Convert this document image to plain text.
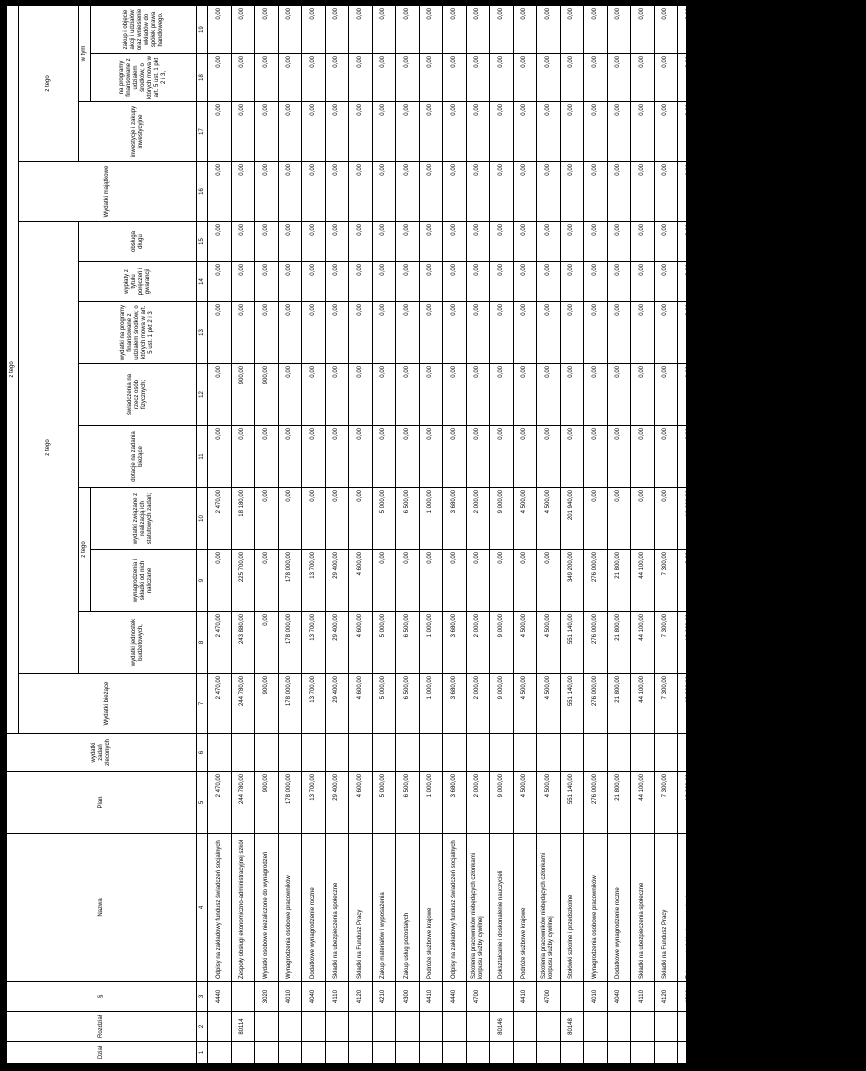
Dział	Rozdział	§	Nazwa	Plan	wydatki zadań zleconych	z tego												
						Wydatki bieżące	z tego								Wydatki majątkowe	z tego		
							wydatki jednostek budżetowych,	z tego		dotacje na zadania bieżące	świadczenia na rzecz osób fizycznych;	wydatki na programy finansowane z udziałem środków, o których mowa w art. 5 ust. 1 pkt 2 i 3	wypłaty z tytułu poręczeń i gwarancji	obsługa długu		inwestycje i zakupy inwestycyjne	w tym	
								wynagrodzenia i składki od nich naliczane	wydatki związane z realizacją ich statutowych zadań;								na programy finansowane z udziałem środków, o których mowa w art. 5 ust. 1 pkt 2 i 3,	zakup i objęcie akcji i udziałów oraz wniesienie wkładów do spółek prawa handlowego.

1	2	3	4	5	6	7	8	9	10	11	12	13	14	15	16	17	18	19
		4440	Odpisy na zakładowy fundusz świadczeń socjalnych	2 470,00		2 470,00	2 470,00	0,00	2 470,00	0,00	0,00	0,00	0,00	0,00	0,00	0,00	0,00	0,00
	80114		Zespoły obsługi ekonomiczno-administracyjnej szkół	244 780,00		244 780,00	243 880,00	225 700,00	18 180,00	0,00	900,00	0,00	0,00	0,00	0,00	0,00	0,00	0,00
		3020	Wydatki osobowe niezaliczone do wynagrodzeń	900,00		900,00	0,00	0,00	0,00	0,00	900,00	0,00	0,00	0,00	0,00	0,00	0,00	0,00
		4010	Wynagrodzenia osobowe pracowników	178 000,00		178 000,00	178 000,00	178 000,00	0,00	0,00	0,00	0,00	0,00	0,00	0,00	0,00	0,00	0,00
		4040	Dodatkowe wynagrodzenie roczne	13 700,00		13 700,00	13 700,00	13 700,00	0,00	0,00	0,00	0,00	0,00	0,00	0,00	0,00	0,00	0,00
		4110	Składki na ubezpieczenia społeczne	29 400,00		29 400,00	29 400,00	29 400,00	0,00	0,00	0,00	0,00	0,00	0,00	0,00	0,00	0,00	0,00
		4120	Składki na Fundusz Pracy	4 600,00		4 600,00	4 600,00	4 600,00	0,00	0,00	0,00	0,00	0,00	0,00	0,00	0,00	0,00	0,00
		4210	Zakup materiałów i wyposażenia	5 000,00		5 000,00	5 000,00	0,00	5 000,00	0,00	0,00	0,00	0,00	0,00	0,00	0,00	0,00	0,00
		4300	Zakup usług pozostałych	6 500,00		6 500,00	6 500,00	0,00	6 500,00	0,00	0,00	0,00	0,00	0,00	0,00	0,00	0,00	0,00
		4410	Podróże służbowe krajowe	1 000,00		1 000,00	1 000,00	0,00	1 000,00	0,00	0,00	0,00	0,00	0,00	0,00	0,00	0,00	0,00
		4440	Odpisy na zakładowy fundusz świadczeń socjalnych	3 680,00		3 680,00	3 680,00	0,00	3 680,00	0,00	0,00	0,00	0,00	0,00	0,00	0,00	0,00	0,00
		4700	Szkolenia pracowników niebędących członkami korpusu służby cywilnej	2 000,00		2 000,00	2 000,00	0,00	2 000,00	0,00	0,00	0,00	0,00	0,00	0,00	0,00	0,00	0,00
	80146		Dokształcanie i doskonalenie nauczycieli	9 000,00		9 000,00	9 000,00	0,00	9 000,00	0,00	0,00	0,00	0,00	0,00	0,00	0,00	0,00	0,00
		4410	Podróże służbowe krajowe	4 500,00		4 500,00	4 500,00	0,00	4 500,00	0,00	0,00	0,00	0,00	0,00	0,00	0,00	0,00	0,00
		4700	Szkolenia pracowników niebędących członkami korpusu służby cywilnej	4 500,00		4 500,00	4 500,00	0,00	4 500,00	0,00	0,00	0,00	0,00	0,00	0,00	0,00	0,00	0,00
	80148		Stołówki szkolne i przedszkolne	551 140,00		551 140,00	551 140,00	349 200,00	201 940,00	0,00	0,00	0,00	0,00	0,00	0,00	0,00	0,00	0,00
		4010	Wynagrodzenia osobowe pracowników	276 000,00		276 000,00	276 000,00	276 000,00	0,00	0,00	0,00	0,00	0,00	0,00	0,00	0,00	0,00	0,00
		4040	Dodatkowe wynagrodzenie roczne	21 800,00		21 800,00	21 800,00	21 800,00	0,00	0,00	0,00	0,00	0,00	0,00	0,00	0,00	0,00	0,00
		4110	Składki na ubezpieczenia społeczne	44 100,00		44 100,00	44 100,00	44 100,00	0,00	0,00	0,00	0,00	0,00	0,00	0,00	0,00	0,00	0,00
		4120	Składki na Fundusz Pracy	7 300,00		7 300,00	7 300,00	7 300,00	0,00	0,00	0,00	0,00	0,00	0,00	0,00	0,00	0,00	0,00
		4210	Zakup materiałów i wyposażenia	10 000,00		10 000,00	10 000,00	0,00	10 000,00	0,00	0,00	0,00	0,00	0,00	0,00	0,00	0,00	0,00
		4220	Zakup środków żywności	173 400,00		173 400,00	173 400,00	0,00	173 400,00	0,00	0,00	0,00	0,00	0,00	0,00	0,00	0,00	0,00
		4300	Zakup usług pozostałych	4 600,00		4 600,00	4 600,00	0,00	4 600,00	0,00	0,00	0,00	0,00	0,00	0,00	0,00	0,00	0,00
		4440	Odpisy na zakładowy fundusz świadczeń socjalnych	13 940,00		13 940,00	13 940,00	0,00	13 940,00	0,00	0,00	0,00	0,00	0,00	0,00	0,00	0,00	0,00
	80195		Pozostała działalność	39 950,00		39 950,00	39 950,00	0,00	39 950,00	0,00	0,00	0,00	0,00	0,00	0,00	0,00	0,00	0,00
		4440	Odpisy na zakładowy fundusz świadczeń socjalnych	39 950,00		39 950,00	39 950,00	0,00	39 950,00	0,00	0,00	0,00	0,00	0,00	0,00	0,00	0,00	0,00
851			Ochrona zdrowia	50 000,00		50 000,00	24 000,00	15 500,00	8 500,00	10 000,00	16 000,00	0,00	0,00	0,00	0,00	0,00	0,00	0,00
	85153		Zwalczanie narkomanii	5 500,00		5 500,00	0,00	0,00	0,00	5 000,00	500,00	0,00	0,00	0,00	0,00	0,00	0,00	0,00
